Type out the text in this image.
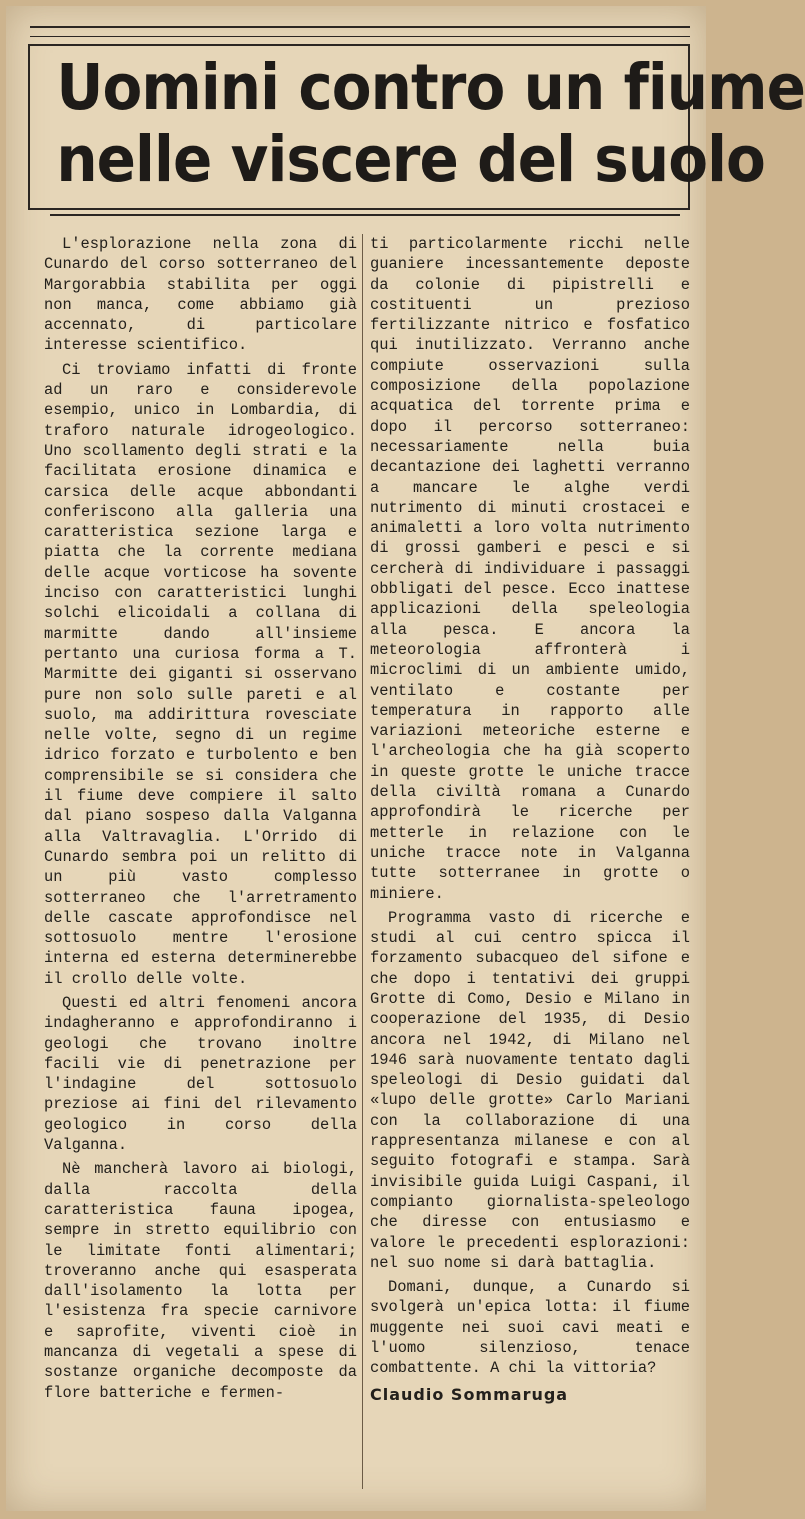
Uomini contro un fiume
nelle viscere del suolo

L'esplorazione nella zona di Cunardo del corso sotterraneo del Margorabbia stabilita per oggi non manca, come abbiamo già accennato, di particolare interesse scientifico.

Ci troviamo infatti di fronte ad un raro e considerevole esempio, unico in Lombardia, di traforo naturale idrogeologico. Uno scollamento degli strati e la facilitata erosione dinamica e carsica delle acque abbondanti conferiscono alla galleria una caratteristica sezione larga e piatta che la corrente mediana delle acque vorticose ha sovente inciso con caratteristici lunghi solchi elicoidali a collana di marmitte dando all'insieme pertanto una curiosa forma a T. Marmitte dei giganti si osservano pure non solo sulle pareti e al suolo, ma addirittura rovesciate nelle volte, segno di un regime idrico forzato e turbolento e ben comprensibile se si considera che il fiume deve compiere il salto dal piano sospeso dalla Valganna alla Valtravaglia. L'Orrido di Cunardo sembra poi un relitto di un più vasto complesso sotterraneo che l'arretramento delle cascate approfondisce nel sottosuolo mentre l'erosione interna ed esterna determinerebbe il crollo delle volte.

Questi ed altri fenomeni ancora indagheranno e approfondiranno i geologi che trovano inoltre facili vie di penetrazione per l'indagine del sottosuolo preziose ai fini del rilevamento geologico in corso della Valganna.

Nè mancherà lavoro ai biologi, dalla raccolta della caratteristica fauna ipogea, sempre in stretto equilibrio con le limitate fonti alimentari; troveranno anche qui esasperata dall'isolamento la lotta per l'esistenza fra specie carnivore e saprofite, viventi cioè in mancanza di vegetali a spese di sostanze organiche decomposte da flore batteriche e fermen-

ti particolarmente ricchi nelle guaniere incessantemente deposte da colonie di pipistrelli e costituenti un prezioso fertilizzante nitrico e fosfatico qui inutilizzato. Verranno anche compiute osservazioni sulla composizione della popolazione acquatica del torrente prima e dopo il percorso sotterraneo: necessariamente nella buia decantazione dei laghetti verranno a mancare le alghe verdi nutrimento di minuti crostacei e animaletti a loro volta nutrimento di grossi gamberi e pesci e si cercherà di individuare i passaggi obbligati del pesce. Ecco inattese applicazioni della speleologia alla pesca. E ancora la meteorologia affronterà i microclimi di un ambiente umido, ventilato e costante per temperatura in rapporto alle variazioni meteoriche esterne e l'archeologia che ha già scoperto in queste grotte le uniche tracce della civiltà romana a Cunardo approfondirà le ricerche per metterle in relazione con le uniche tracce note in Valganna tutte sotterranee in grotte o miniere.

Programma vasto di ricerche e studi al cui centro spicca il forzamento subacqueo del sifone e che dopo i tentativi dei gruppi Grotte di Como, Desio e Milano in cooperazione del 1935, di Desio ancora nel 1942, di Milano nel 1946 sarà nuovamente tentato dagli speleologi di Desio guidati dal «lupo delle grotte» Carlo Mariani con la collaborazione di una rappresentanza milanese e con al seguito fotografi e stampa. Sarà invisibile guida Luigi Caspani, il compianto giornalista-speleologo che diresse con entusiasmo e valore le precedenti esplorazioni: nel suo nome si darà battaglia.

Domani, dunque, a Cunardo si svolgerà un'epica lotta: il fiume muggente nei suoi cavi meati e l'uomo silenzioso, tenace combattente. A chi la vittoria?

Claudio Sommaruga
